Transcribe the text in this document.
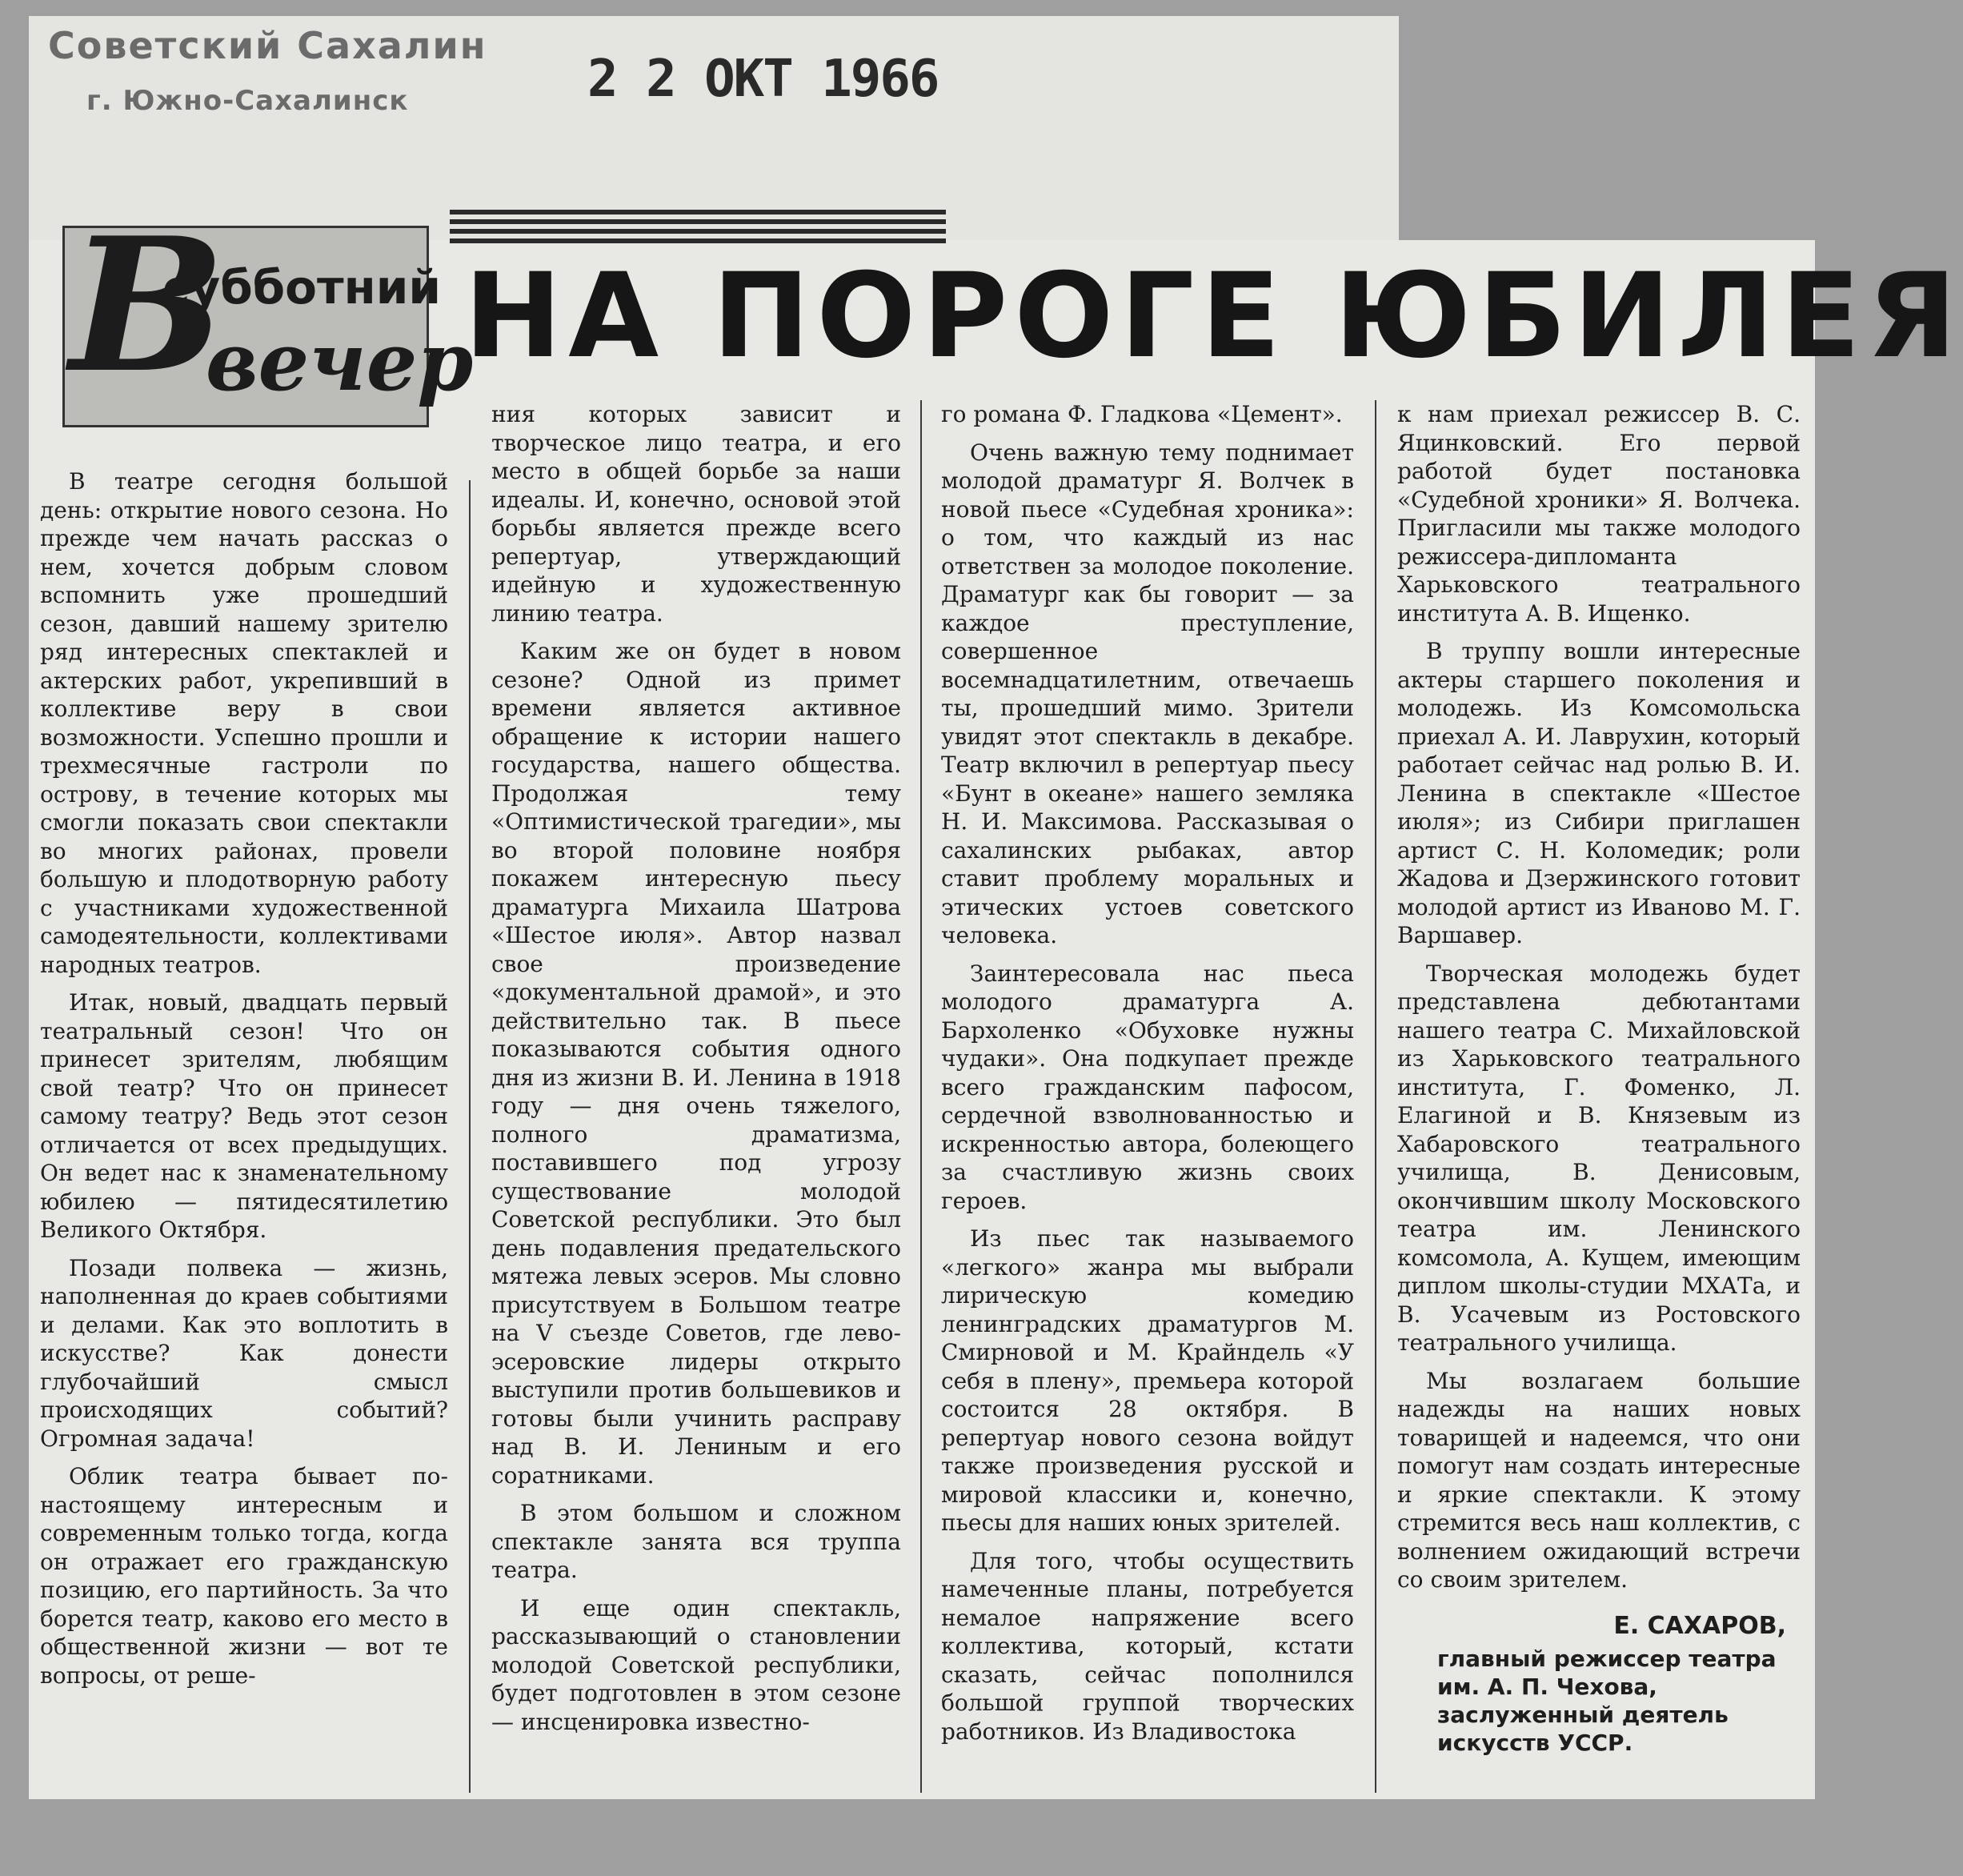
Советский Сахалин
г. Южно-Сахалинск	2 2 ОКТ 1966
В
субботний
вечер
НА ПОРОГЕ ЮБИЛЕЯ

В театре сегодня большой день: открытие нового сезона. Но прежде чем начать рассказ о нем, хочется добрым словом вспомнить уже прошедший сезон, давший нашему зрителю ряд интересных спектаклей и актерских работ, укрепивший в коллективе веру в свои возможности. Успешно прошли и трехмесячные гастроли по острову, в течение которых мы смогли показать свои спектакли во многих районах, провели большую и плодотворную работу с участниками художественной самодеятельности, коллективами народных театров.

Итак, новый, двадцать первый театральный сезон! Что он принесет зрителям, любящим свой театр? Что он принесет самому театру? Ведь этот сезон отличается от всех предыдущих. Он ведет нас к знаменательному юбилею — пятидесятилетию Великого Октября.

Позади полвека — жизнь, наполненная до краев событиями и делами. Как это воплотить в искусстве? Как донести глубочайший смысл происходящих событий? Огромная задача!

Облик театра бывает по-настоящему интересным и современным только тогда, когда он отражает его гражданскую позицию, его партийность. За что борется театр, каково его место в общественной жизни — вот те вопросы, от реше-

ния которых зависит и творческое лицо театра, и его место в общей борьбе за наши идеалы. И, конечно, основой этой борьбы является прежде всего репертуар, утверждающий идейную и художественную линию театра.

Каким же он будет в новом сезоне? Одной из примет времени является активное обращение к истории нашего государства, нашего общества. Продолжая тему «Оптимистической трагедии», мы во второй половине ноября покажем интересную пьесу драматурга Михаила Шатрова «Шестое июля». Автор назвал свое произведение «документальной драмой», и это действительно так. В пьесе показываются события одного дня из жизни В. И. Ленина в 1918 году — дня очень тяжелого, полного драматизма, поставившего под угрозу существование молодой Советской республики. Это был день подавления предательского мятежа левых эсеров. Мы словно присутствуем в Большом театре на V съезде Советов, где лево-эсеровские лидеры открыто выступили против большевиков и готовы были учинить расправу над В. И. Лениным и его соратниками.

В этом большом и сложном спектакле занята вся труппа театра.

И еще один спектакль, рассказывающий о становлении молодой Советской республики, будет подготовлен в этом сезоне — инсценировка известно-

го романа Ф. Гладкова «Цемент».

Очень важную тему поднимает молодой драматург Я. Волчек в новой пьесе «Судебная хроника»: о том, что каждый из нас ответствен за молодое поколение. Драматург как бы говорит — за каждое преступление, совершенное восемнадцатилетним, отвечаешь ты, прошедший мимо. Зрители увидят этот спектакль в декабре. Театр включил в репертуар пьесу «Бунт в океане» нашего земляка Н. И. Максимова. Рассказывая о сахалинских рыбаках, автор ставит проблему моральных и этических устоев советского человека.

Заинтересовала нас пьеса молодого драматурга А. Бархоленко «Обуховке нужны чудаки». Она подкупает прежде всего гражданским пафосом, сердечной взволнованностью и искренностью автора, болеющего за счастливую жизнь своих героев.

Из пьес так называемого «легкого» жанра мы выбрали лирическую комедию ленинградских драматургов М. Смирновой и М. Крайндель «У себя в плену», премьера которой состоится 28 октября. В репертуар нового сезона войдут также произведения русской и мировой классики и, конечно, пьесы для наших юных зрителей.

Для того, чтобы осуществить намеченные планы, потребуется немалое напряжение всего коллектива, который, кстати сказать, сейчас пополнился большой группой творческих работников. Из Владивостока

к нам приехал режиссер В. С. Яцинковский. Его первой работой будет постановка «Судебной хроники» Я. Волчека. Пригласили мы также молодого режиссера-дипломанта Харьковского театрального института А. В. Ищенко.

В труппу вошли интересные актеры старшего поколения и молодежь. Из Комсомольска приехал А. И. Лаврухин, который работает сейчас над ролью В. И. Ленина в спектакле «Шестое июля»; из Сибири приглашен артист С. Н. Коломедик; роли Жадова и Дзержинского готовит молодой артист из Иваново М. Г. Варшавер.

Творческая молодежь будет представлена дебютантами нашего театра С. Михайловской из Харьковского театрального института, Г. Фоменко, Л. Елагиной и В. Князевым из Хабаровского театрального училища, В. Денисовым, окончившим школу Московского театра им. Ленинского комсомола, А. Кущем, имеющим диплом школы-студии МХАТа, и В. Усачевым из Ростовского театрального училища.

Мы возлагаем большие надежды на наших новых товарищей и надеемся, что они помогут нам создать интересные и яркие спектакли. К этому стремится весь наш коллектив, с волнением ожидающий встречи со своим зрителем.

Е. САХАРОВ,
главный режиссер театра им. А. П. Чехова, заслуженный деятель искусств УССР.
